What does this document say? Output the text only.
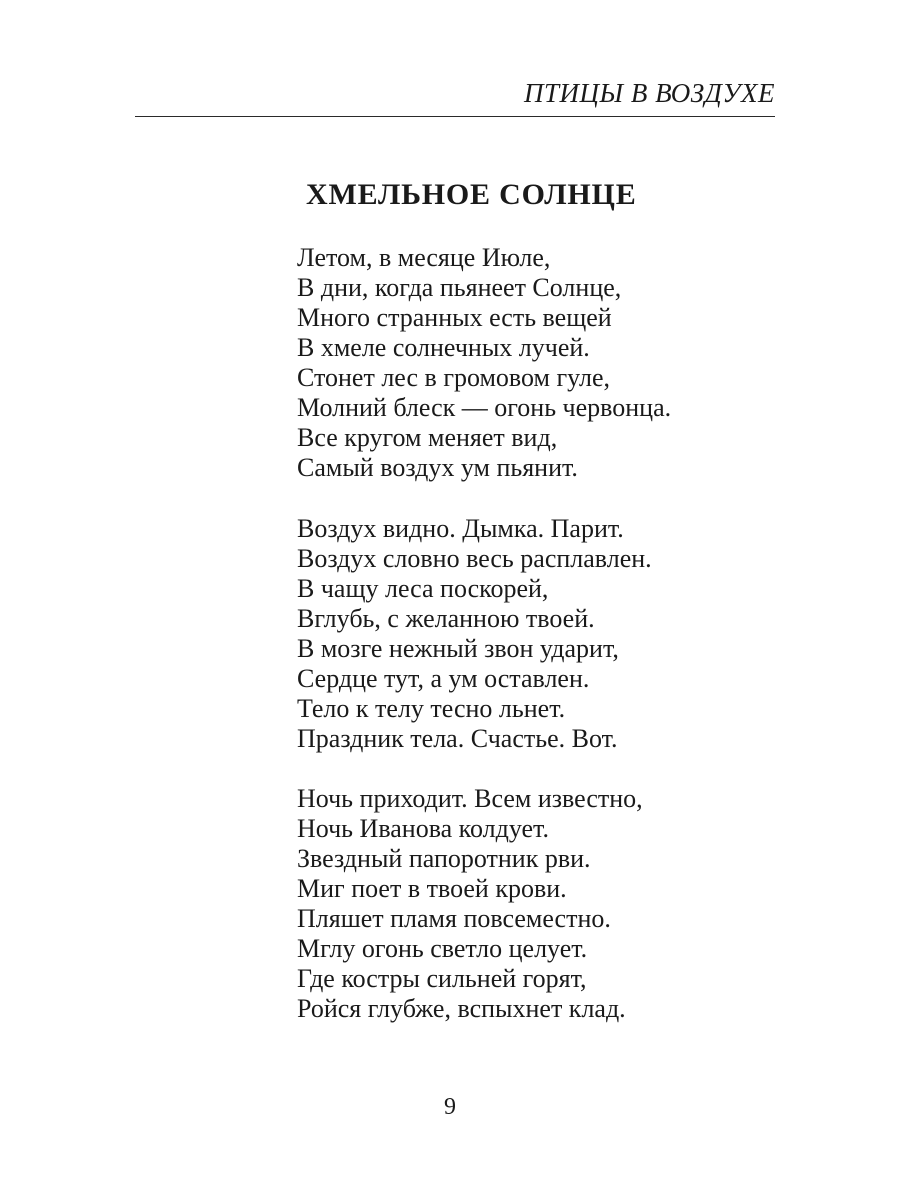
ПТИЦЫ В ВОЗДУХЕ
ХМЕЛЬНОЕ СОЛНЦЕ
Летом, в месяце Июле,
В дни, когда пьянеет Солнце,
Много странных есть вещей
В хмеле солнечных лучей.
Стонет лес в громовом гуле,
Молний блеск — огонь червонца.
Все кругом меняет вид,
Самый воздух ум пьянит.
Воздух видно. Дымка. Парит.
Воздух словно весь расплавлен.
В чащу леса поскорей,
Вглубь, с желанною твоей.
В мозге нежный звон ударит,
Сердце тут, а ум оставлен.
Тело к телу тесно льнет.
Праздник тела. Счастье. Вот.
Ночь приходит. Всем известно,
Ночь Иванова колдует.
Звездный папоротник рви.
Миг поет в твоей крови.
Пляшет пламя повсеместно.
Мглу огонь светло целует.
Где костры сильней горят,
Ройся глубже, вспыхнет клад.
9
